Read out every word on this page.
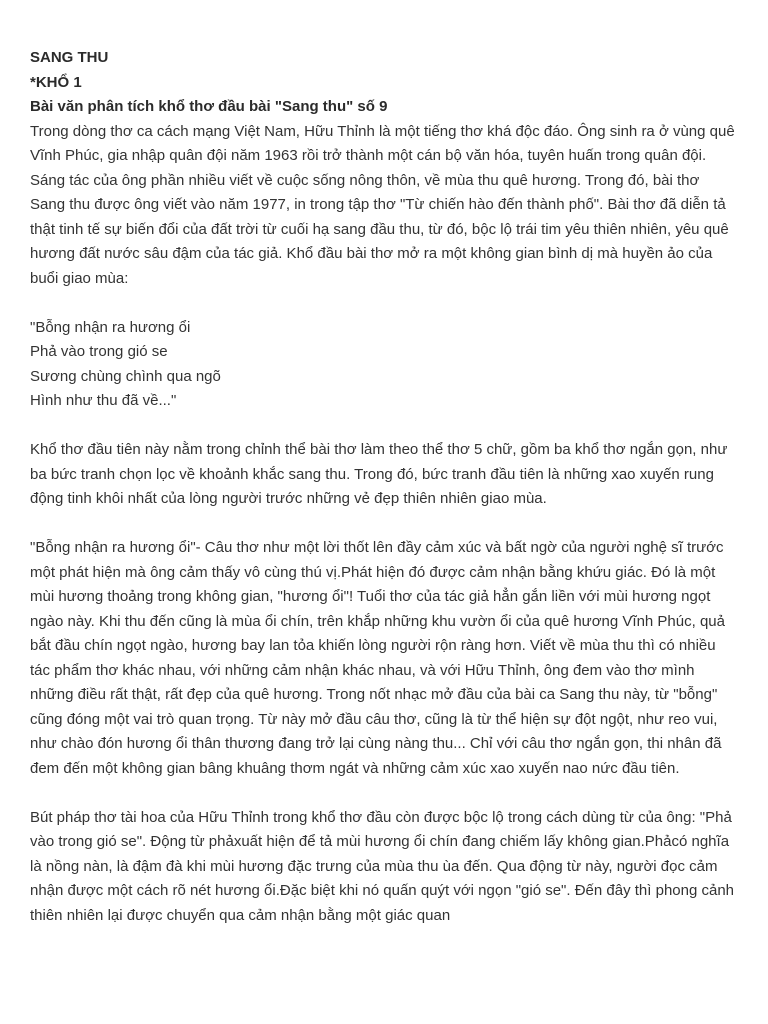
SANG THU

*KHỔ 1

Bài văn phân tích khổ thơ đầu bài "Sang thu" số 9

Trong dòng thơ ca cách mạng Việt Nam, Hữu Thỉnh là một tiếng thơ khá độc đáo. Ông sinh ra ở vùng quê Vĩnh Phúc, gia nhập quân đội năm 1963 rồi trở thành một cán bộ văn hóa, tuyên huấn trong quân đội. Sáng tác của ông phần nhiều viết về cuộc sống nông thôn, về mùa thu quê hương. Trong đó, bài thơ Sang thu được ông viết vào năm 1977, in trong tập thơ "Từ chiến hào đến thành phố". Bài thơ đã diễn tả thật tinh tế sự biến đổi của đất trời từ cuối hạ sang đầu thu, từ đó, bộc lộ trái tim yêu thiên nhiên, yêu quê hương đất nước sâu đậm của tác giả. Khổ đầu bài thơ mở ra một không gian bình dị mà huyền ảo của buổi giao mùa:

"Bỗng nhận ra hương ổi

Phả vào trong gió se

Sương chùng chình qua ngõ

Hình như thu đã về..."

Khổ thơ đầu tiên này nằm trong chỉnh thể bài thơ làm theo thể thơ 5 chữ, gồm ba khổ thơ ngắn gọn, như ba bức tranh chọn lọc về khoảnh khắc sang thu. Trong đó, bức tranh đầu tiên là những xao xuyến rung động tinh khôi nhất của lòng người trước những vẻ đẹp thiên nhiên giao mùa.

"Bỗng nhận ra hương ổi"- Câu thơ như một lời thốt lên đầy cảm xúc và bất ngờ của người nghệ sĩ trước một phát hiện mà ông cảm thấy vô cùng thú vị.Phát hiện đó được cảm nhận bằng khứu giác. Đó là một mùi hương thoảng trong không gian, "hương ổi"! Tuổi thơ của tác giả hẳn gắn liền với mùi hương ngọt ngào này. Khi thu đến cũng là mùa ổi chín, trên khắp những khu vườn ổi của quê hương Vĩnh Phúc, quả bắt đầu chín ngọt ngào, hương bay lan tỏa khiến lòng người rộn ràng hơn. Viết về mùa thu thì có nhiều tác phẩm thơ khác nhau, với những cảm nhận khác nhau, và với Hữu Thỉnh, ông đem vào thơ mình những điều rất thật, rất đẹp của quê hương. Trong nốt nhạc mở đầu của bài ca Sang thu này, từ "bỗng" cũng đóng một vai trò quan trọng. Từ này mở đầu câu thơ, cũng là từ thể hiện sự đột ngột, như reo vui, như chào đón hương ổi thân thương đang trở lại cùng nàng thu... Chỉ với câu thơ ngắn gọn, thi nhân đã đem đến một không gian bâng khuâng thơm ngát và những cảm xúc xao xuyến nao nức đầu tiên.

Bút pháp thơ tài hoa của Hữu Thỉnh trong khổ thơ đầu còn được bộc lộ trong cách dùng từ của ông: "Phả vào trong gió se". Động từ phảxuất hiện để tả mùi hương ổi chín đang chiếm lấy không gian.Phảcó nghĩa là nồng nàn, là đậm đà khi mùi hương đặc trưng của mùa thu ùa đến. Qua động từ này, người đọc cảm nhận được một cách rõ nét hương ổi.Đặc biệt khi nó quấn quýt với ngọn "gió se". Đến đây thì phong cảnh thiên nhiên lại được chuyển qua cảm nhận bằng một giác quan
